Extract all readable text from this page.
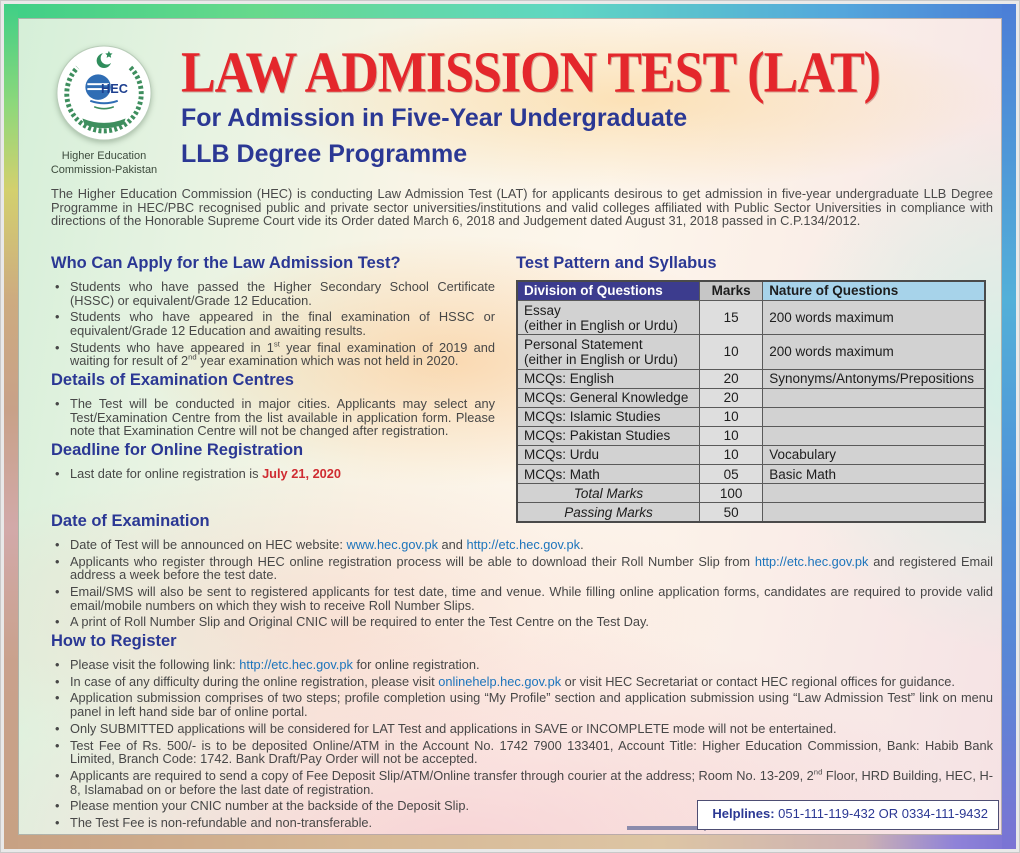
HEC
Higher Education
Commission-Pakistan
LAW ADMISSION TEST (LAT)
For Admission in Five-Year Undergraduate
LLB Degree Programme
The Higher Education Commission (HEC) is conducting Law Admission Test (LAT) for applicants desirous to get admission in five-year undergraduate LLB Degree Programme in HEC/PBC recognised public and private sector universities/institutions and valid colleges affiliated with Public Sector Universities in compliance with directions of the Honorable Supreme Court vide its Order dated March 6, 2018 and Judgement dated August 31, 2018 passed in C.P.134/2012.
Who Can Apply for the Law Admission Test?
• Students who have passed the Higher Secondary School Certificate (HSSC) or equivalent/Grade 12 Education.
• Students who have appeared in the final examination of HSSC or equivalent/Grade 12 Education and awaiting results.
• Students who have appeared in 1st year final examination of 2019 and waiting for result of 2nd year examination which was not held in 2020.
Details of Examination Centres
• The Test will be conducted in major cities. Applicants may select any Test/Examination Centre from the list available in application form. Please note that Examination Centre will not be changed after registration.
Deadline for Online Registration
• Last date for online registration is July 21, 2020
Test Pattern and Syllabus
Division of Questions	Marks	Nature of Questions
Essay
(either in English or Urdu)	15	200 words maximum
Personal Statement
(either in English or Urdu)	10	200 words maximum
MCQs: English	20	Synonyms/Antonyms/Prepositions
MCQs: General Knowledge	20	
MCQs: Islamic Studies	10	
MCQs: Pakistan Studies	10	
MCQs: Urdu	10	Vocabulary
MCQs: Math	05	Basic Math
Total Marks	100	
Passing Marks	50	
Date of Examination
• Date of Test will be announced on HEC website: www.hec.gov.pk and http://etc.hec.gov.pk.
• Applicants who register through HEC online registration process will be able to download their Roll Number Slip from http://etc.hec.gov.pk and registered Email address a week before the test date.
• Email/SMS will also be sent to registered applicants for test date, time and venue. While filling online application forms, candidates are required to provide valid email/mobile numbers on which they wish to receive Roll Number Slips.
• A print of Roll Number Slip and Original CNIC will be required to enter the Test Centre on the Test Day.
How to Register
• Please visit the following link: http://etc.hec.gov.pk for online registration.
• In case of any difficulty during the online registration, please visit onlinehelp.hec.gov.pk or visit HEC Secretariat or contact HEC regional offices for guidance.
• Application submission comprises of two steps; profile completion using “My Profile” section and application submission using “Law Admission Test” link on menu panel in left hand side bar of online portal.
• Only SUBMITTED applications will be considered for LAT Test and applications in SAVE or INCOMPLETE mode will not be entertained.
• Test Fee of Rs. 500/- is to be deposited Online/ATM in the Account No. 1742 7900 133401, Account Title: Higher Education Commission, Bank: Habib Bank Limited, Branch Code: 1742. Bank Draft/Pay Order will not be accepted.
• Applicants are required to send a copy of Fee Deposit Slip/ATM/Online transfer through courier at the address; Room No. 13-209, 2nd Floor, HRD Building, HEC, H-8, Islamabad on or before the last date of registration.
• Please mention your CNIC number at the backside of the Deposit Slip.
• The Test Fee is non-refundable and non-transferable.
Helplines: 051-111-119-432 OR 0334-111-9432
